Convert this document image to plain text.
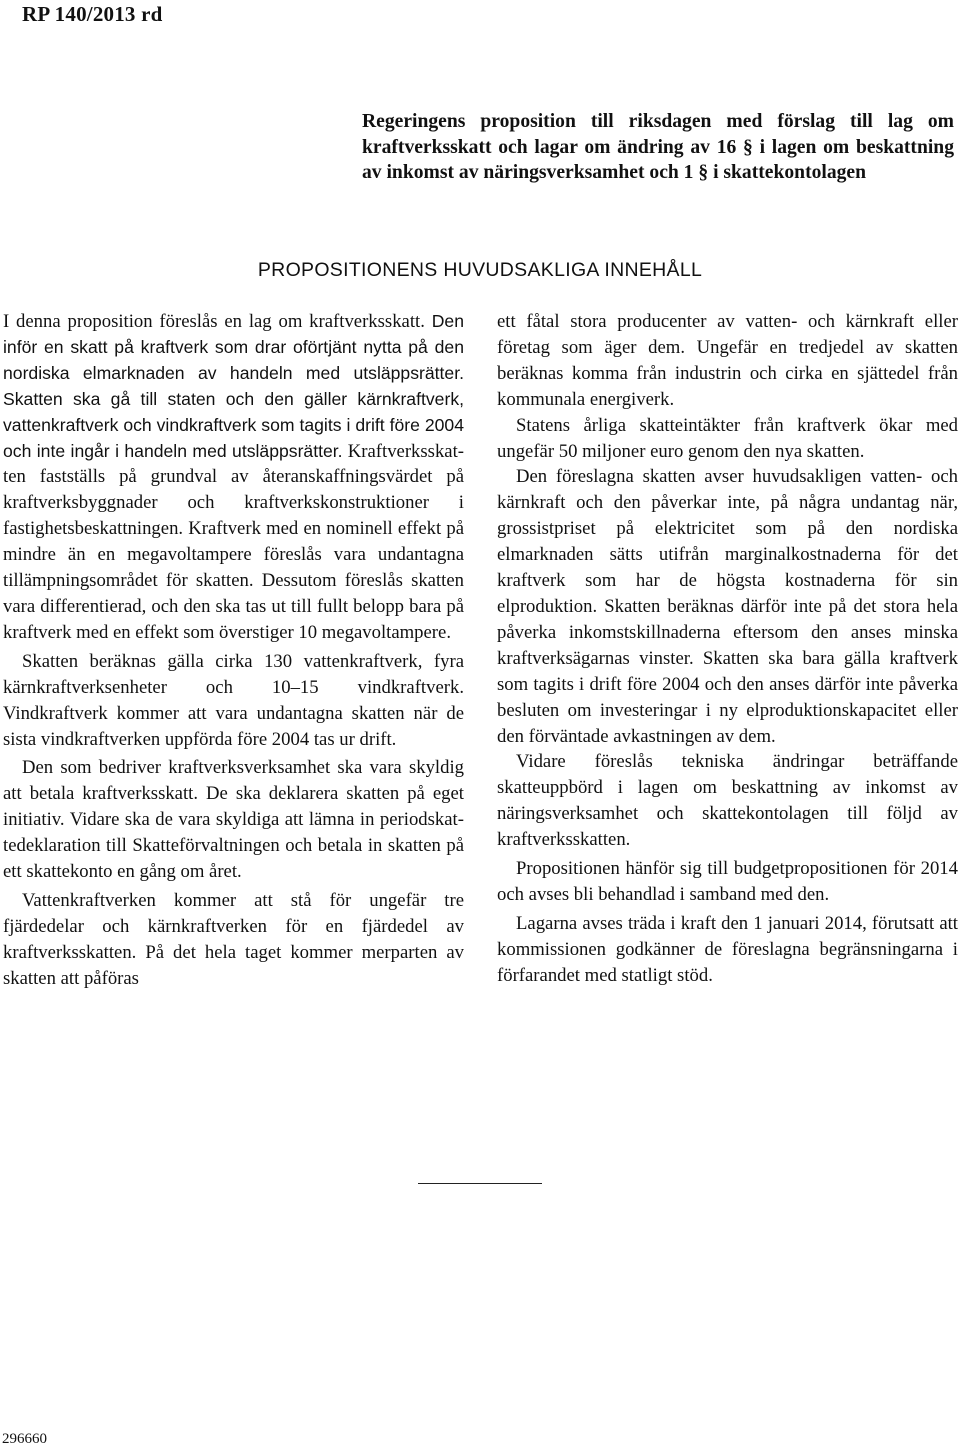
RP 140/2013 rd
Regeringens proposition till riksdagen med förslag till lag om kraftverksskatt och lagar om ändring av 16 § i lagen om beskattning av inkomst av näringsverksamhet och 1 § i skattekontolagen
PROPOSITIONENS HUVUDSAKLIGA INNEHÅLL

I denna proposition föreslås en lag om kraftverksskatt. Den inför en skatt på kraftverk som drar oförtjänt nytta på den nordiska elmarknaden av handeln med utsläppsrätter. Skatten ska gå till staten och den gäller kärnkraftverk, vattenkraftverk och vindkraftverk som tagits i drift före 2004 och inte ingår i handeln med utsläppsrätter. Kraftverksskatten fastställs på grundval av återanskaffningsvärdet på kraftverksbyggnader och kraftverkskonstruktioner i fastighetsbeskattningen. Kraftverk med en nominell effekt på mindre än en megavoltampere föreslås vara undantagna tillämpningsområdet för skatten. Dessutom föreslås skatten vara differentierad, och den ska tas ut till fullt belopp bara på kraftverk med en effekt som överstiger 10 megavoltampere.

Skatten beräknas gälla cirka 130 vattenkraftverk, fyra kärnkraftverksenheter och 10–15 vindkraftverk. Vindkraftverk kommer att vara undantagna skatten när de sista vindkraftverken uppförda före 2004 tas ur drift.

Den som bedriver kraftverksverksamhet ska vara skyldig att betala kraftverksskatt. De ska deklarera skatten på eget initiativ. Vidare ska de vara skyldiga att lämna in periodskattedeklaration till Skatteförvaltningen och betala in skatten på ett skattekonto en gång om året.

Vattenkraftverken kommer att stå för ungefär tre fjärdedelar och kärnkraftverken för en fjärdedel av kraftverksskatten. På det hela taget kommer merparten av skatten att påföras

ett fåtal stora producenter av vatten- och kärnkraft eller företag som äger dem. Ungefär en tredjedel av skatten beräknas komma från industrin och cirka en sjättedel från kommunala energiverk.

Statens årliga skatteintäkter från kraftverk ökar med ungefär 50 miljoner euro genom den nya skatten.

Den föreslagna skatten avser huvudsakligen vatten- och kärnkraft och den påverkar inte, på några undantag när, grossistpriset på elektricitet som på den nordiska elmarknaden sätts utifrån marginalkostnaderna för det kraftverk som har de högsta kostnaderna för sin elproduktion. Skatten beräknas därför inte på det stora hela påverka inkomstskillnaderna eftersom den anses minska kraftverksägarnas vinster. Skatten ska bara gälla kraftverk som tagits i drift före 2004 och den anses därför inte påverka besluten om investeringar i ny elproduktionskapacitet eller den förväntade avkastningen av dem.

Vidare föreslås tekniska ändringar beträffande skatteuppbörd i lagen om beskattning av inkomst av näringsverksamhet och skattekontolagen till följd av kraftverksskatten.

Propositionen hänför sig till budgetpropositionen för 2014 och avses bli behandlad i samband med den.

Lagarna avses träda i kraft den 1 januari 2014, förutsatt att kommissionen godkänner de föreslagna begränsningarna i förfarandet med statligt stöd.

296660
